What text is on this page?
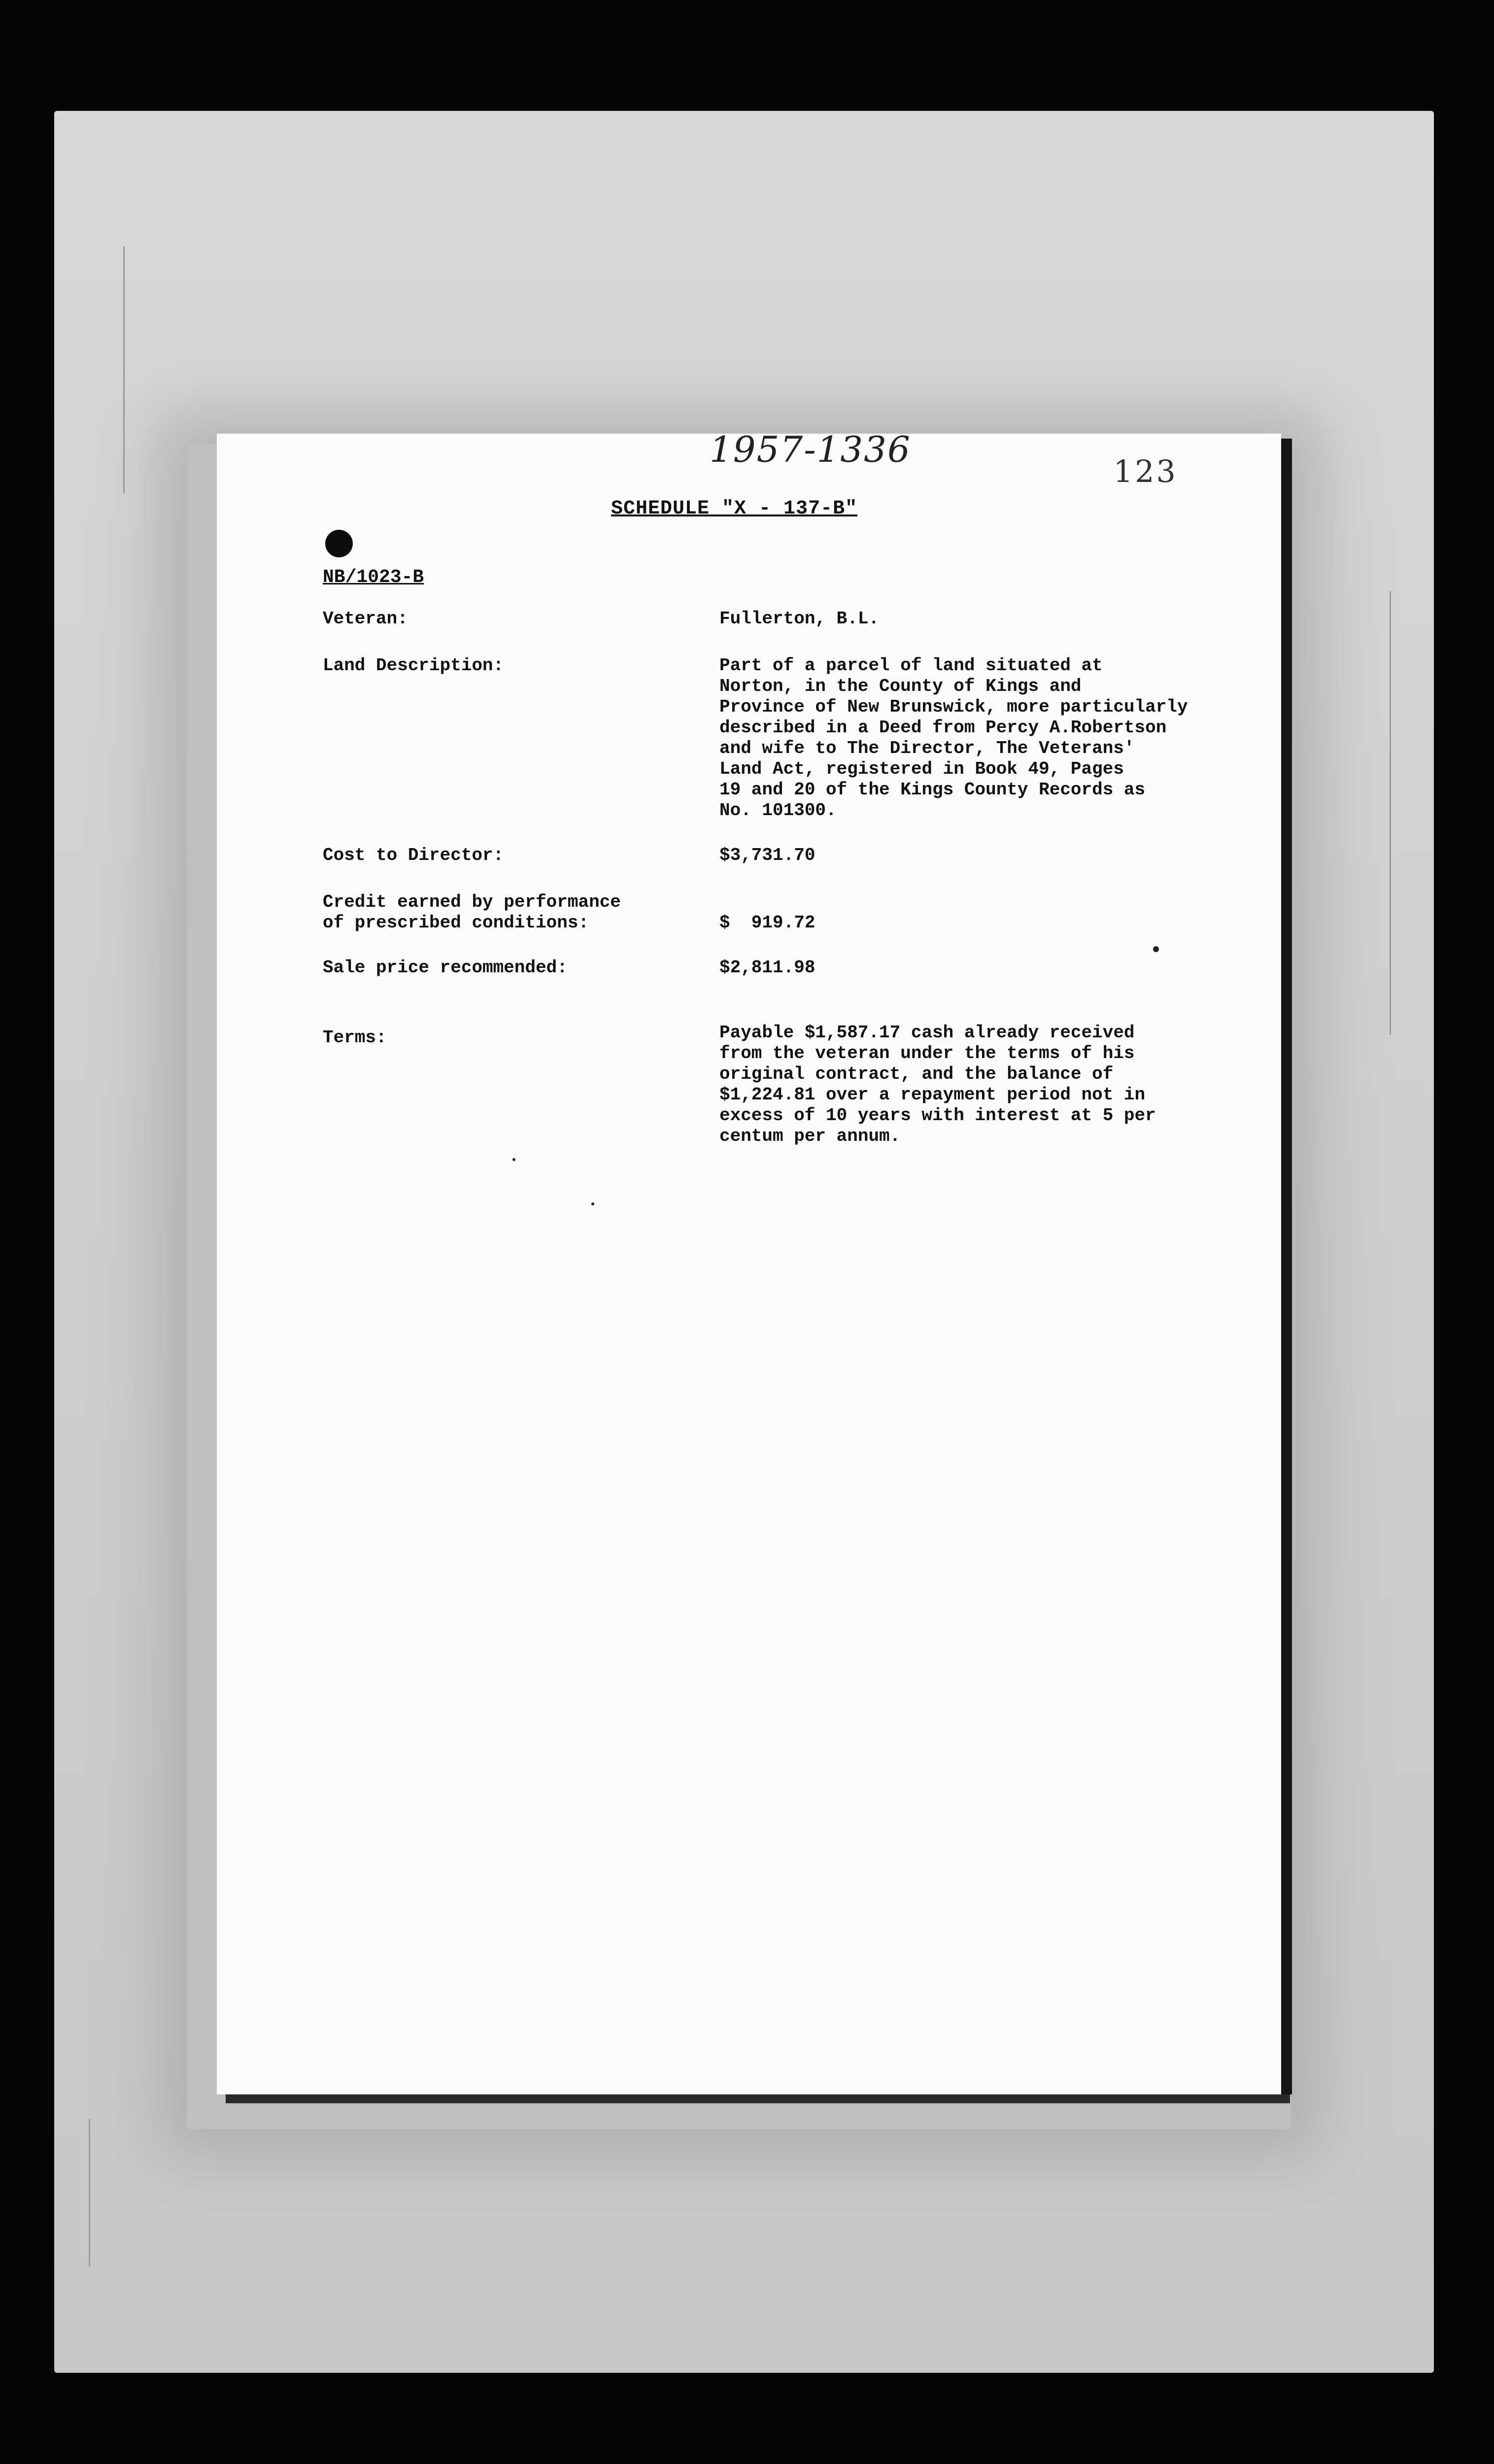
1957-1336
123
SCHEDULE "X - 137-B"
NB/1023-B
Veteran:	Fullerton, B.L.
Land Description:	Part of a parcel of land situated at
Norton, in the County of Kings and
Province of New Brunswick, more particularly
described in a Deed from Percy A.Robertson
and wife to The Director, The Veterans'
Land Act, registered in Book 49, Pages
19 and 20 of the Kings County Records as
No. 101300.
Cost to Director:	$3,731.70
Credit earned by performance
of prescribed conditions:	$  919.72
Sale price recommended:	$2,811.98
Terms:	Payable $1,587.17 cash already received
from the veteran under the terms of his
original contract, and the balance of
$1,224.81 over a repayment period not in
excess of 10 years with interest at 5 per
centum per annum.
